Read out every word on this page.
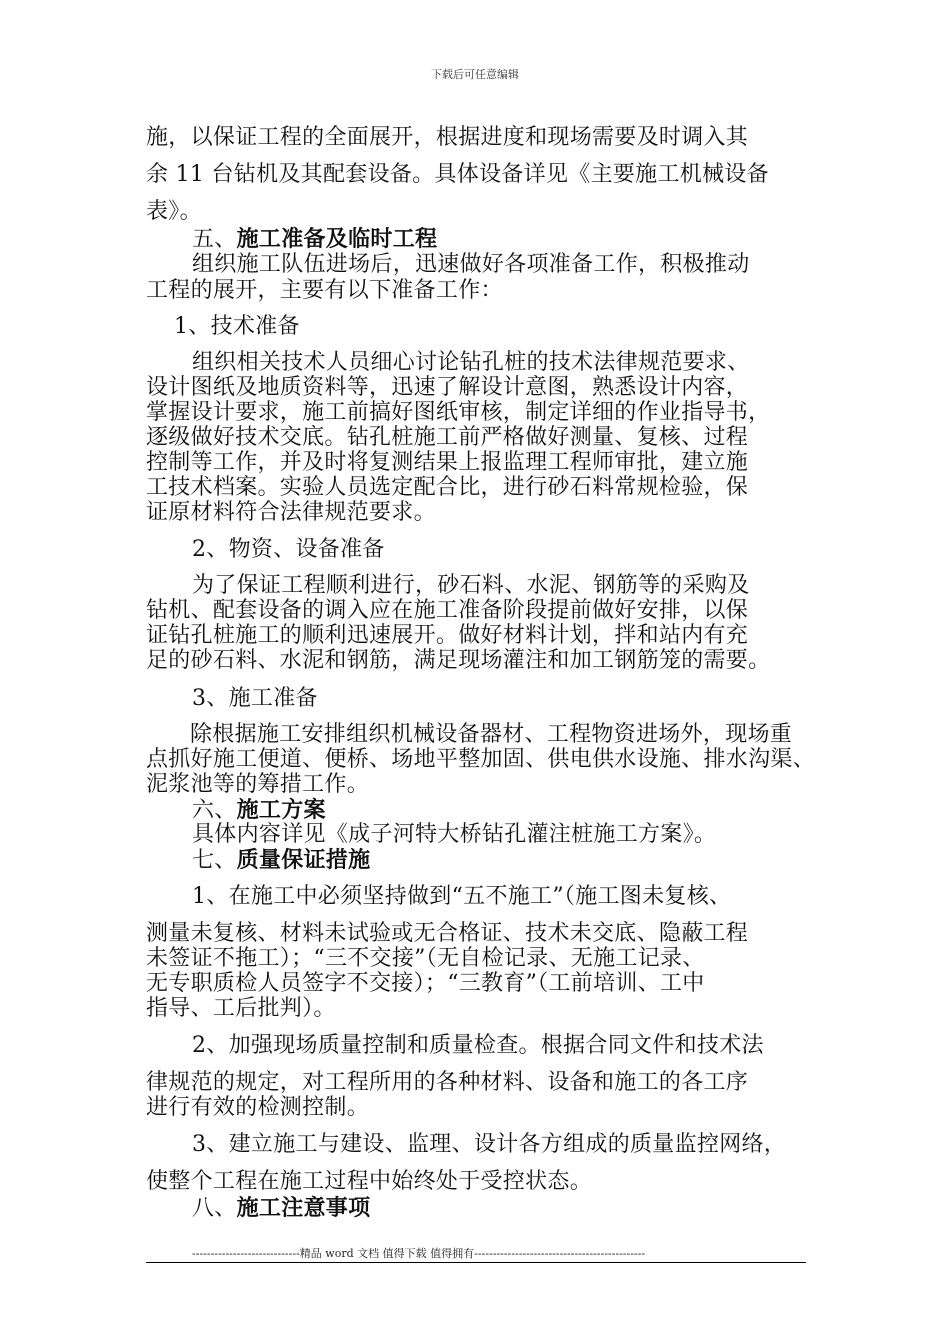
下载后可任意编辑
施，以保证工程的全面展开，根据进度和现场需要及时调入其
余 11 台钻机及其配套设备。具体设备详见《主要施工机械设备
表》。
五、施工准备及临时工程
组织施工队伍进场后，迅速做好各项准备工作，积极推动
工程的展开，主要有以下准备工作：
1、技术准备
组织相关技术人员细心讨论钻孔桩的技术法律规范要求、
设计图纸及地质资料等，迅速了解设计意图，熟悉设计内容，
掌握设计要求，施工前搞好图纸审核，制定详细的作业指导书，
逐级做好技术交底。钻孔桩施工前严格做好测量、复核、过程
控制等工作，并及时将复测结果上报监理工程师审批，建立施
工技术档案。实验人员选定配合比，进行砂石料常规检验，保
证原材料符合法律规范要求。
2、物资、设备准备
为了保证工程顺利进行，砂石料、水泥、钢筋等的采购及
钻机、配套设备的调入应在施工准备阶段提前做好安排，以保
证钻孔桩施工的顺利迅速展开。做好材料计划，拌和站内有充
足的砂石料、水泥和钢筋，满足现场灌注和加工钢筋笼的需要。
3、施工准备
除根据施工安排组织机械设备器材、工程物资进场外，现场重
点抓好施工便道、便桥、场地平整加固、供电供水设施、排水沟渠、
泥浆池等的筹措工作。
六、施工方案
具体内容详见《成子河特大桥钻孔灌注桩施工方案》。
七、质量保证措施
1、在施工中必须坚持做到“五不施工”（施工图未复核、
测量未复核、材料未试验或无合格证、技术未交底、隐蔽工程
未签证不拖工）；“三不交接”（无自检记录、无施工记录、
无专职质检人员签字不交接）；“三教育”（工前培训、工中
指导、工后批判）。
2、加强现场质量控制和质量检查。根据合同文件和技术法
律规范的规定，对工程所用的各种材料、设备和施工的各工序
进行有效的检测控制。
3、建立施工与建设、监理、设计各方组成的质量监控网络，
使整个工程在施工过程中始终处于受控状态。
八、施工注意事项
-----------------------------精品 word 文档 值得下载 值得拥有----------------------------------------------
